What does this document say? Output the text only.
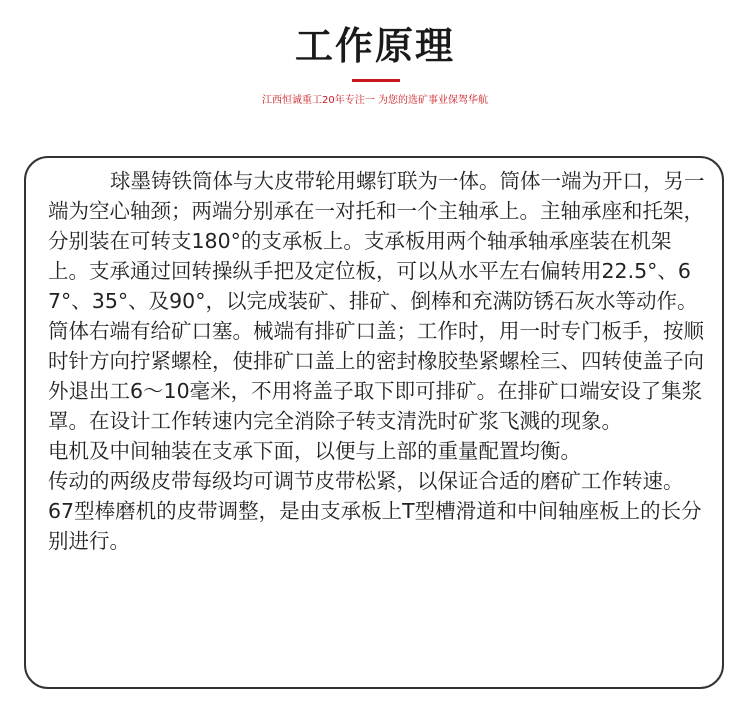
工作原理
江西恒诚重工20年专注一 为您的选矿事业保驾华航

球墨铸铁筒体与大皮带轮用螺钉联为一体。筒体一端为开口，另一端为空心轴颈；两端分别承在一对托和一个主轴承上。主轴承座和托架，分别装在可转支180°的支承板上。支承板用两个轴承轴承座装在机架上。支承通过回转操纵手把及定位板，可以从水平左右偏转用22.5°、67°、35°、及90°，以完成装矿、排矿、倒棒和充满防锈石灰水等动作。

筒体右端有给矿口塞。械端有排矿口盖；工作时，用一时专门板手，按顺时针方向拧紧螺栓，使排矿口盖上的密封橡胶垫紧螺栓三、四转使盖子向外退出工6～10毫米，不用将盖子取下即可排矿。在排矿口端安设了集浆罩。在设计工作转速内完全消除子转支清洗时矿浆飞溅的现象。

电机及中间轴装在支承下面，以便与上部的重量配置均衡。

传动的两级皮带每级均可调节皮带松紧，以保证合适的磨矿工作转速。

67型棒磨机的皮带调整，是由支承板上T型槽滑道和中间轴座板上的长分别进行。
